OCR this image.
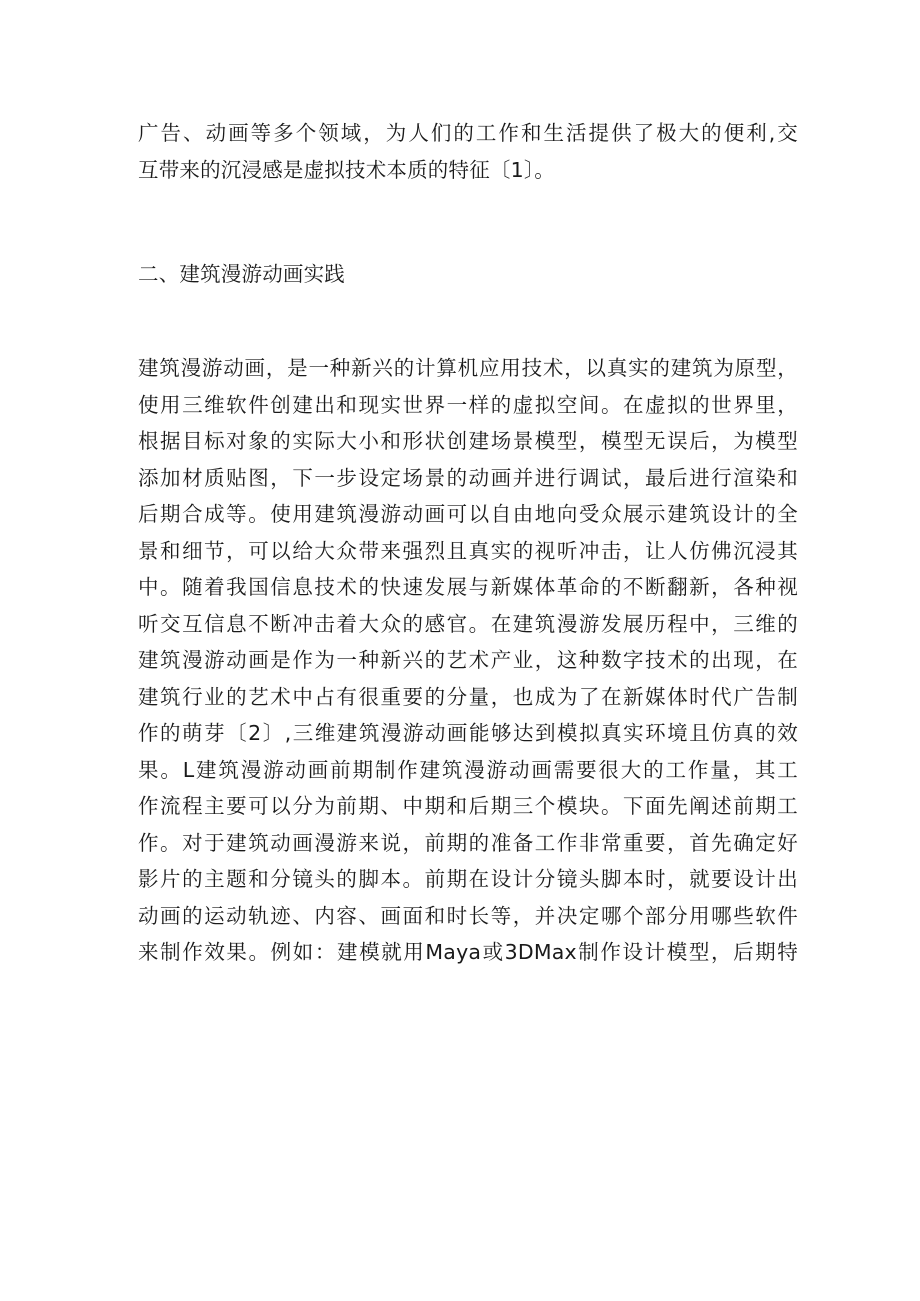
广告、动画等多个领域，为人们的工作和生活提供了极大的便利,交
互带来的沉浸感是虚拟技术本质的特征〔1〕。
二、建筑漫游动画实践
建筑漫游动画，是一种新兴的计算机应用技术，以真实的建筑为原型，
使用三维软件创建出和现实世界一样的虚拟空间。在虚拟的世界里，
根据目标对象的实际大小和形状创建场景模型，模型无误后，为模型
添加材质贴图，下一步设定场景的动画并进行调试，最后进行渲染和
后期合成等。使用建筑漫游动画可以自由地向受众展示建筑设计的全
景和细节，可以给大众带来强烈且真实的视听冲击，让人仿佛沉浸其
中。随着我国信息技术的快速发展与新媒体革命的不断翻新，各种视
听交互信息不断冲击着大众的感官。在建筑漫游发展历程中，三维的
建筑漫游动画是作为一种新兴的艺术产业，这种数字技术的出现，在
建筑行业的艺术中占有很重要的分量，也成为了在新媒体时代广告制
作的萌芽〔2〕,三维建筑漫游动画能够达到模拟真实环境且仿真的效
果。L建筑漫游动画前期制作建筑漫游动画需要很大的工作量，其工
作流程主要可以分为前期、中期和后期三个模块。下面先阐述前期工
作。对于建筑动画漫游来说，前期的准备工作非常重要，首先确定好
影片的主题和分镜头的脚本。前期在设计分镜头脚本时，就要设计出
动画的运动轨迹、内容、画面和时长等，并决定哪个部分用哪些软件
来制作效果。例如：建模就用Maya或3DMax制作设计模型，后期特
